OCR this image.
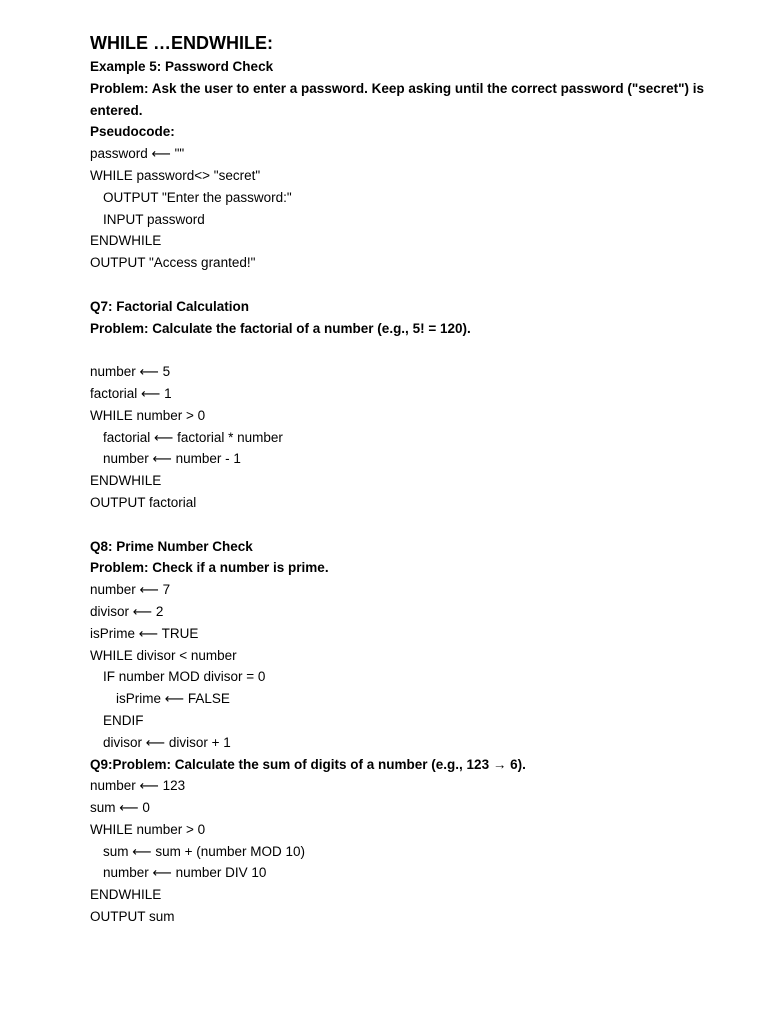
WHILE …ENDWHILE:
Example 5: Password Check
Problem: Ask the user to enter a password. Keep asking until the correct password ("secret") is entered.
Pseudocode:
password ⟵ ""
WHILE password<> "secret"
OUTPUT "Enter the password:"
INPUT password
ENDWHILE
OUTPUT "Access granted!"
Q7: Factorial Calculation
Problem: Calculate the factorial of a number (e.g., 5! = 120).
number ⟵ 5
factorial ⟵ 1
WHILE number > 0
factorial ⟵ factorial * number
number ⟵ number - 1
ENDWHILE
OUTPUT factorial
Q8: Prime Number Check
Problem: Check if a number is prime.
number ⟵ 7
divisor ⟵ 2
isPrime ⟵ TRUE
WHILE divisor < number
IF number MOD divisor = 0
isPrime ⟵ FALSE
ENDIF
divisor ⟵ divisor + 1
Q9:Problem: Calculate the sum of digits of a number (e.g., 123 → 6).
number ⟵ 123
sum ⟵ 0
WHILE number > 0
sum ⟵ sum + (number MOD 10)
number ⟵ number DIV 10
ENDWHILE
OUTPUT sum
